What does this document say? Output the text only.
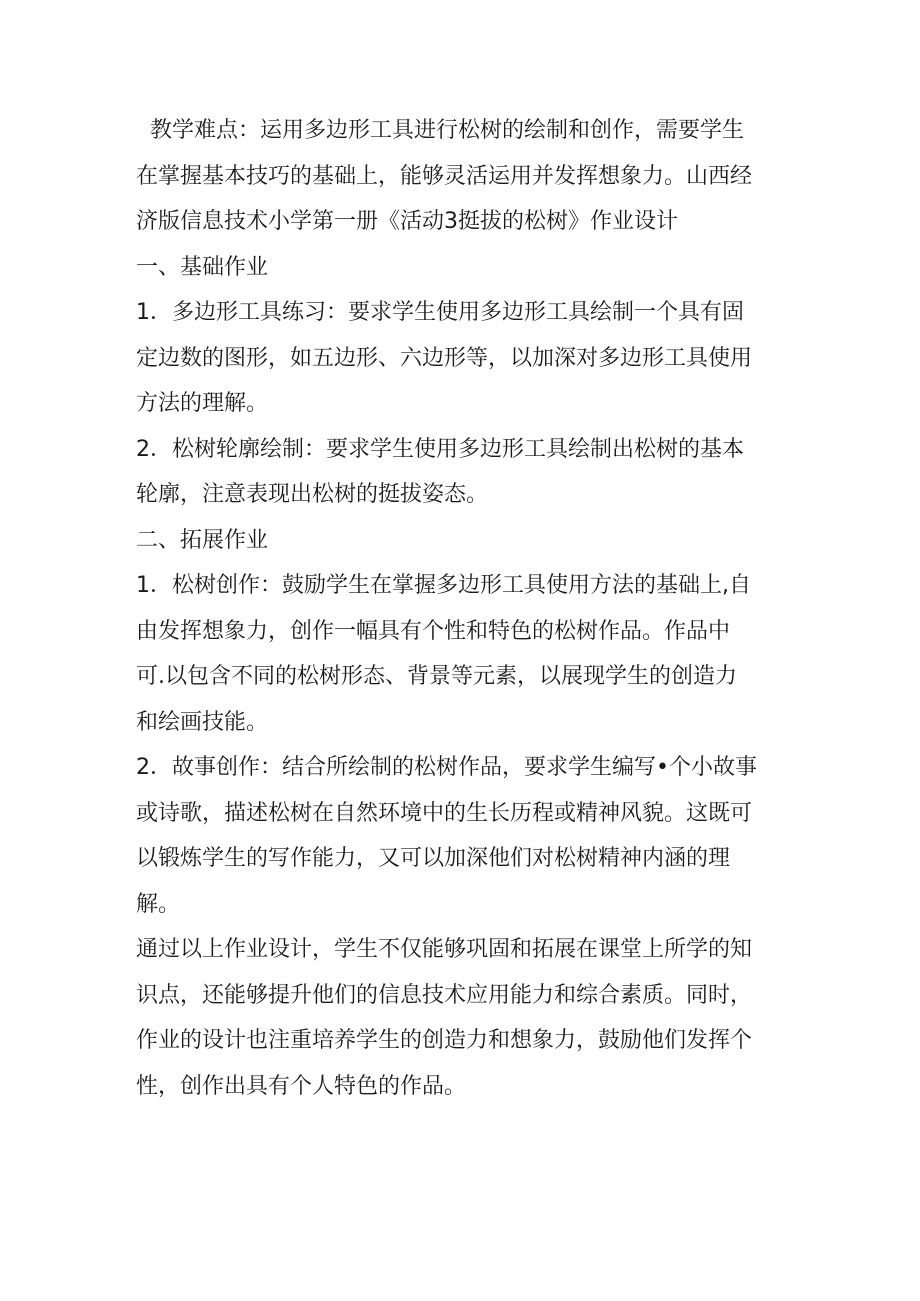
教学难点：运用多边形工具进行松树的绘制和创作，需要学生

在掌握基本技巧的基础上，能够灵活运用并发挥想象力。山西经

济版信息技术小学第一册《活动3挺拔的松树》作业设计

一、基础作业

1．多边形工具练习：要求学生使用多边形工具绘制一个具有固

定边数的图形，如五边形、六边形等，以加深对多边形工具使用

方法的理解。

2．松树轮廓绘制：要求学生使用多边形工具绘制出松树的基本

轮廓，注意表现出松树的挺拔姿态。

二、拓展作业

1．松树创作：鼓励学生在掌握多边形工具使用方法的基础上,自

由发挥想象力，创作一幅具有个性和特色的松树作品。作品中

可.以包含不同的松树形态、背景等元素，以展现学生的创造力

和绘画技能。

2．故事创作：结合所绘制的松树作品，要求学生编写•个小故事

或诗歌，描述松树在自然环境中的生长历程或精神风貌。这既可

以锻炼学生的写作能力，又可以加深他们对松树精神内涵的理

解。

通过以上作业设计，学生不仅能够巩固和拓展在课堂上所学的知

识点，还能够提升他们的信息技术应用能力和综合素质。同时，

作业的设计也注重培养学生的创造力和想象力，鼓励他们发挥个

性，创作出具有个人特色的作品。
